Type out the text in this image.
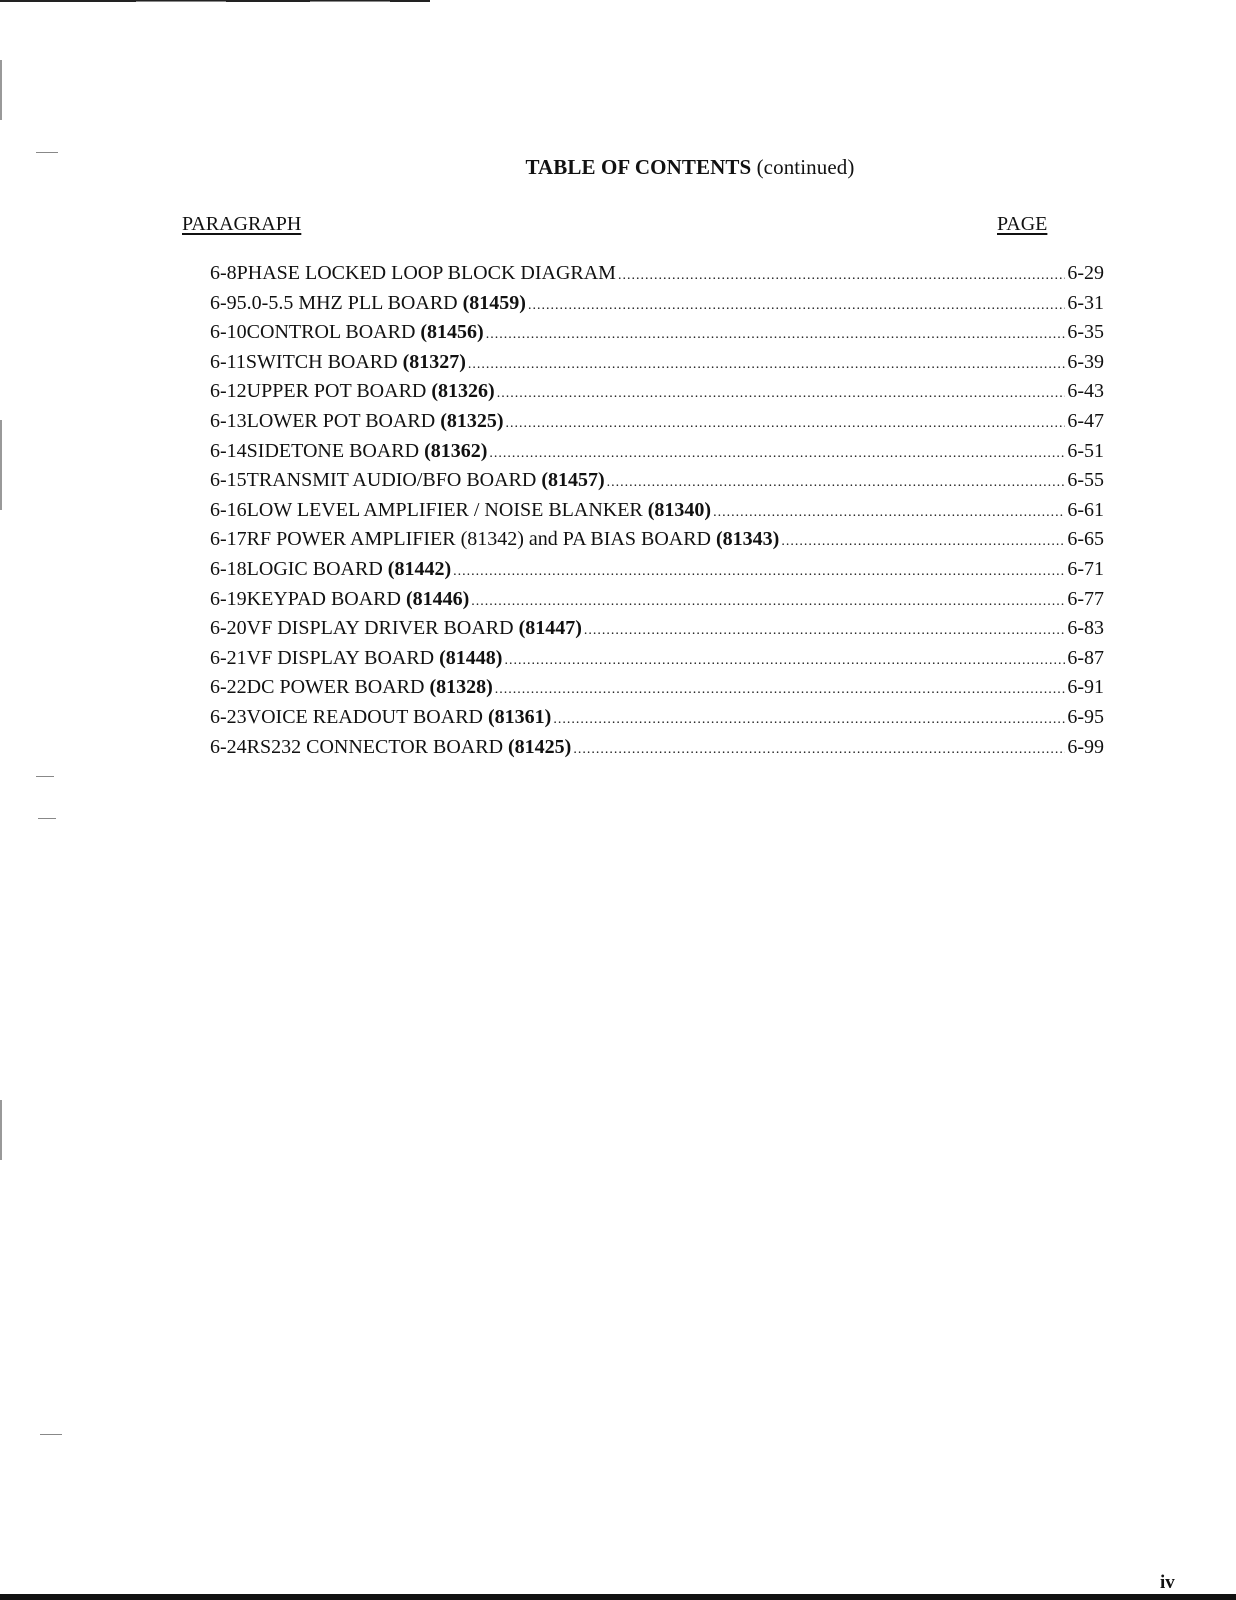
TABLE OF CONTENTS (continued)
PARAGRAPH	PAGE
6-8 PHASE LOCKED LOOP BLOCK DIAGRAM .....	6-29
6-9 5.0-5.5 MHZ PLL BOARD (81459) .....	6-31
6-10 CONTROL BOARD (81456) .....	6-35
6-11 SWITCH BOARD (81327) .....	6-39
6-12 UPPER POT BOARD (81326) .....	6-43
6-13 LOWER POT BOARD (81325) .....	6-47
6-14 SIDETONE BOARD (81362) .....	6-51
6-15 TRANSMIT AUDIO/BFO BOARD (81457) .....	6-55
6-16 LOW LEVEL AMPLIFIER / NOISE BLANKER (81340) .....	6-61
6-17 RF POWER AMPLIFIER (81342) and PA BIAS BOARD (81343) .....	6-65
6-18 LOGIC BOARD (81442) .....	6-71
6-19 KEYPAD BOARD (81446) .....	6-77
6-20 VF DISPLAY DRIVER BOARD (81447) .....	6-83
6-21 VF DISPLAY BOARD (81448) .....	6-87
6-22 DC POWER BOARD (81328) .....	6-91
6-23 VOICE READOUT BOARD (81361) .....	6-95
6-24 RS232 CONNECTOR BOARD (81425) .....	6-99
iv
